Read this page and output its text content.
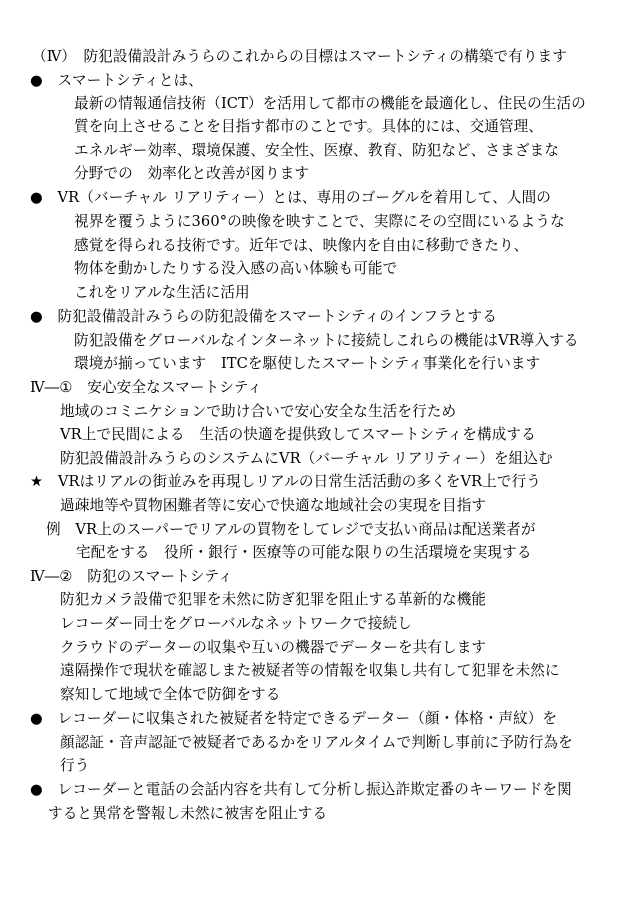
（Ⅳ）　防犯設備設計みうらのこれからの目標はスマートシティの構築で有ります
●　スマートシティとは、
最新の情報通信技術（ICT）を活用して都市の機能を最適化し、住民の生活の
質を向上させることを目指す都市のことです。具体的には、交通管理、
エネルギー効率、環境保護、安全性、医療、教育、防犯など、さまざまな
分野での　効率化と改善が図ります
●　VR（バーチャル リアリティー）とは、専用のゴーグルを着用して、人間の
視界を覆うように360°の映像を映すことで、実際にその空間にいるような
感覚を得られる技術です。近年では、映像内を自由に移動できたり、
物体を動かしたりする没入感の高い体験も可能で
これをリアルな生活に活用
●　防犯設備設計みうらの防犯設備をスマートシティのインフラとする
防犯設備をグローバルなインターネットに接続しこれらの機能はVR導入する
環境が揃っています　ITCを駆使したスマートシティ事業化を行います
Ⅳ―①　安心安全なスマートシティ
地域のコミニケションで助け合いで安心安全な生活を行ため
VR上で民間による　生活の快適を提供致してスマートシティを構成する
防犯設備設計みうらのシステムにVR（バーチャル リアリティー）を組込む
★　VRはリアルの街並みを再現しリアルの日常生活活動の多くをVR上で行う
過疎地等や買物困難者等に安心で快適な地域社会の実現を目指す
例　VR上のスーパーでリアルの買物をしてレジで支払い商品は配送業者が
宅配をする　役所・銀行・医療等の可能な限りの生活環境を実現する
Ⅳ―②　防犯のスマートシティ
防犯カメラ設備で犯罪を未然に防ぎ犯罪を阻止する革新的な機能
レコーダー同士をグローバルなネットワークで接続し
クラウドのデーターの収集や互いの機器でデーターを共有します
遠隔操作で現状を確認しまた被疑者等の情報を収集し共有して犯罪を未然に
察知して地域で全体で防御をする
●　レコーダーに収集された被疑者を特定できるデーター（顔・体格・声紋）を
顔認証・音声認証で被疑者であるかをリアルタイムで判断し事前に予防行為を
行う
●　レコーダーと電話の会話内容を共有して分析し振込詐欺定番のキーワードを関
すると異常を警報し未然に被害を阻止する
